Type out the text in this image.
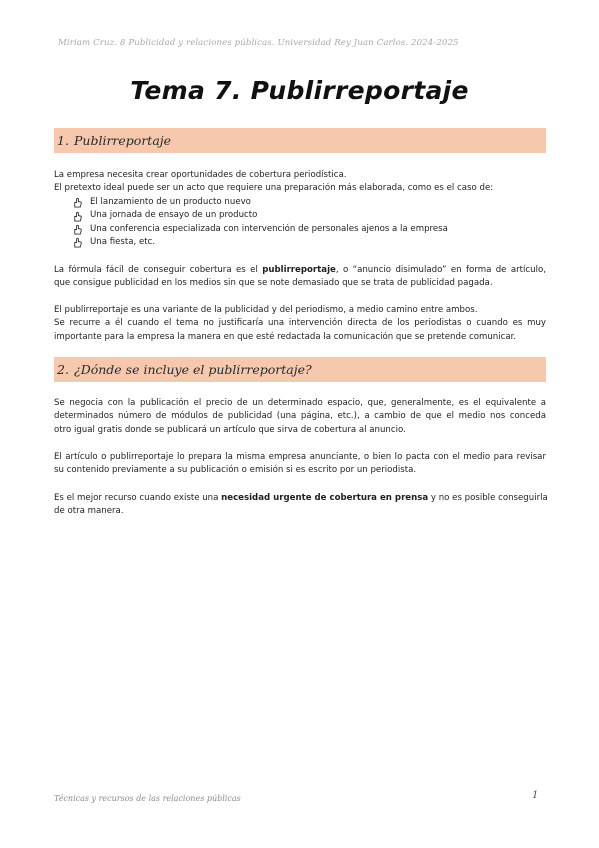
Miriam Cruz. 8 Publicidad y relaciones públicas. Universidad Rey Juan Carlos. 2024-2025
Tema 7. Publirreportaje
1. Publirreportaje
La empresa necesita crear oportunidades de cobertura periodística.
El pretexto ideal puede ser un acto que requiere una preparación más elaborada, como es el caso de:
El lanzamiento de un producto nuevo
Una jornada de ensayo de un producto
Una conferencia especializada con intervención de personales ajenos a la empresa
Una fiesta, etc.
La fórmula fácil de conseguir cobertura es el publirreportaje, o “anuncio disimulado” en forma de artículo,
que consigue publicidad en los medios sin que se note demasiado que se trata de publicidad pagada.
El publirreportaje es una variante de la publicidad y del periodismo, a medio camino entre ambos.
Se recurre a él cuando el tema no justificaría una intervención directa de los periodistas o cuando es muy
importante para la empresa la manera en que esté redactada la comunicación que se pretende comunicar.
2. ¿Dónde se incluye el publirreportaje?
Se negocia con la publicación el precio de un determinado espacio, que, generalmente, es el equivalente a
determinados número de módulos de publicidad (una página, etc.), a cambio de que el medio nos conceda
otro igual gratis donde se publicará un artículo que sirva de cobertura al anuncio.
El artículo o publirreportaje lo prepara la misma empresa anunciante, o bien lo pacta con el medio para revisar
su contenido previamente a su publicación o emisión si es escrito por un periodista.
Es el mejor recurso cuando existe una necesidad urgente de cobertura en prensa y no es posible conseguirla
de otra manera.
Técnicas y recursos de las relaciones públicas	1
